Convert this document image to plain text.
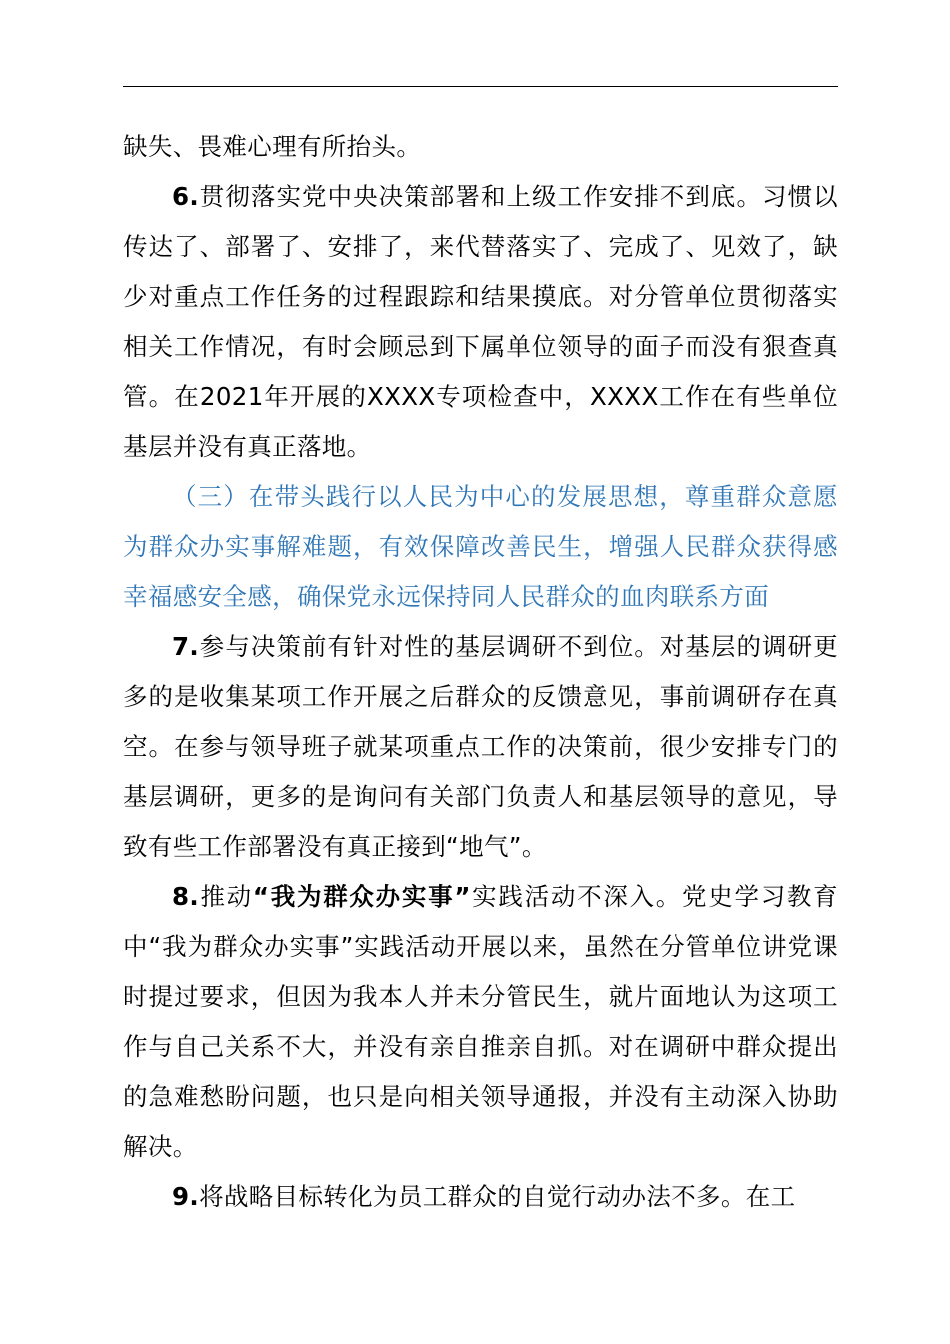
缺失、畏难心理有所抬头。

6.贯彻落实党中央决策部署和上级工作安排不到底。习惯以传达了、部署了、安排了，来代替落实了、完成了、见效了，缺少对重点工作任务的过程跟踪和结果摸底。对分管单位贯彻落实相关工作情况，有时会顾忌到下属单位领导的面子而没有狠查真管。在2021年开展的XXXX专项检查中，XXXX工作在有些单位基层并没有真正落地。

（三）在带头践行以人民为中心的发展思想，尊重群众意愿为群众办实事解难题，有效保障改善民生，增强人民群众获得感幸福感安全感，确保党永远保持同人民群众的血肉联系方面

7.参与决策前有针对性的基层调研不到位。对基层的调研更多的是收集某项工作开展之后群众的反馈意见，事前调研存在真空。在参与领导班子就某项重点工作的决策前，很少安排专门的基层调研，更多的是询问有关部门负责人和基层领导的意见，导致有些工作部署没有真正接到“地气”。

8.推动“我为群众办实事”实践活动不深入。党史学习教育中“我为群众办实事”实践活动开展以来，虽然在分管单位讲党课时提过要求，但因为我本人并未分管民生，就片面地认为这项工作与自己关系不大，并没有亲自推亲自抓。对在调研中群众提出的急难愁盼问题，也只是向相关领导通报，并没有主动深入协助解决。

9.将战略目标转化为员工群众的自觉行动办法不多。在工
